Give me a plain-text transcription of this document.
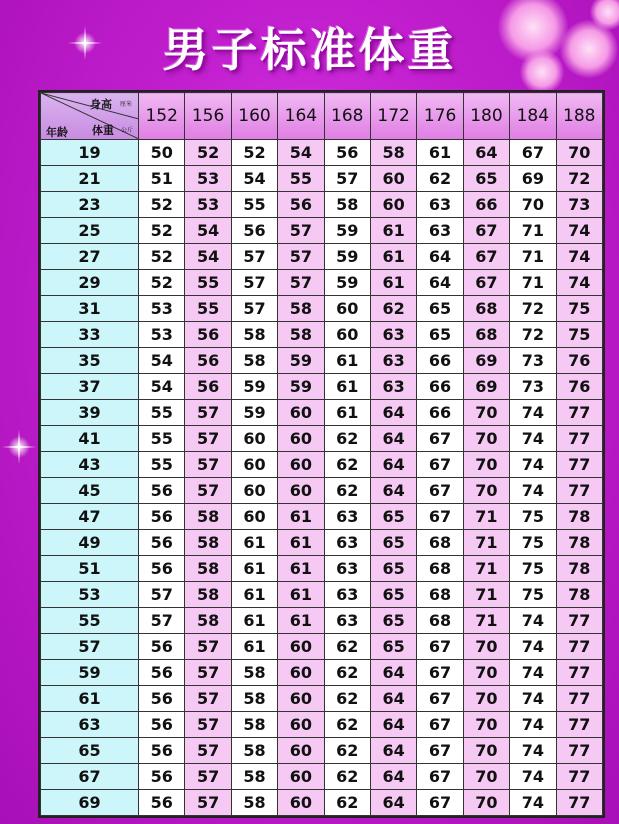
男子标准体重
身高 厘米
体重 公斤
年龄	152	156	160	164	168	172	176	180	184	188
19	50	52	52	54	56	58	61	64	67	70
21	51	53	54	55	57	60	62	65	69	72
23	52	53	55	56	58	60	63	66	70	73
25	52	54	56	57	59	61	63	67	71	74
27	52	54	57	57	59	61	64	67	71	74
29	52	55	57	57	59	61	64	67	71	74
31	53	55	57	58	60	62	65	68	72	75
33	53	56	58	58	60	63	65	68	72	75
35	54	56	58	59	61	63	66	69	73	76
37	54	56	59	59	61	63	66	69	73	76
39	55	57	59	60	61	64	66	70	74	77
41	55	57	60	60	62	64	67	70	74	77
43	55	57	60	60	62	64	67	70	74	77
45	56	57	60	60	62	64	67	70	74	77
47	56	58	60	61	63	65	67	71	75	78
49	56	58	61	61	63	65	68	71	75	78
51	56	58	61	61	63	65	68	71	75	78
53	57	58	61	61	63	65	68	71	75	78
55	57	58	61	61	63	65	68	71	74	77
57	56	57	61	60	62	65	67	70	74	77
59	56	57	58	60	62	64	67	70	74	77
61	56	57	58	60	62	64	67	70	74	77
63	56	57	58	60	62	64	67	70	74	77
65	56	57	58	60	62	64	67	70	74	77
67	56	57	58	60	62	64	67	70	74	77
69	56	57	58	60	62	64	67	70	74	77
